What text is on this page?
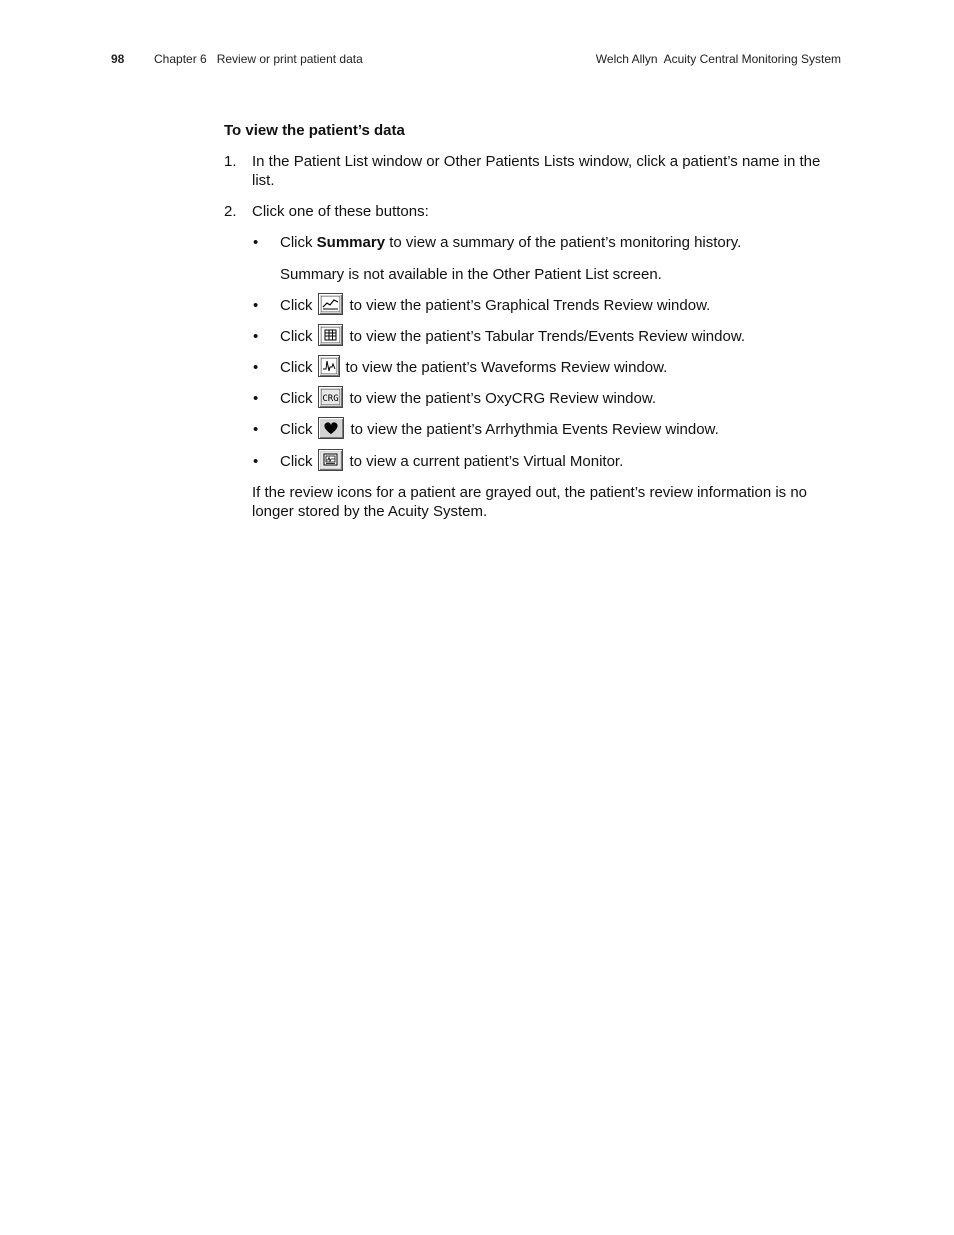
98 Chapter 6   Review or print patient data	Welch Allyn  Acuity Central Monitoring System
To view the patient’s data
1. In the Patient List window or Other Patients Lists window, click a patient’s name in the list.
2. Click one of these buttons:
• Click
Summary
to view a summary of the patient’s monitoring history.
Summary is not available in the Other Patient List screen.
• Click to view the patient’s Graphical Trends Review window.
• Click to view the patient’s Tabular Trends/Events Review window.
• Click to view the patient’s Waveforms Review window.
• Click CRG to view the patient’s OxyCRG Review window.
• Click	to view the patient’s Arrhythmia Events Review window.
• Click to view a current patient’s Virtual Monitor.
If the review icons for a patient are grayed out, the patient’s review information is no longer stored by the Acuity System.
